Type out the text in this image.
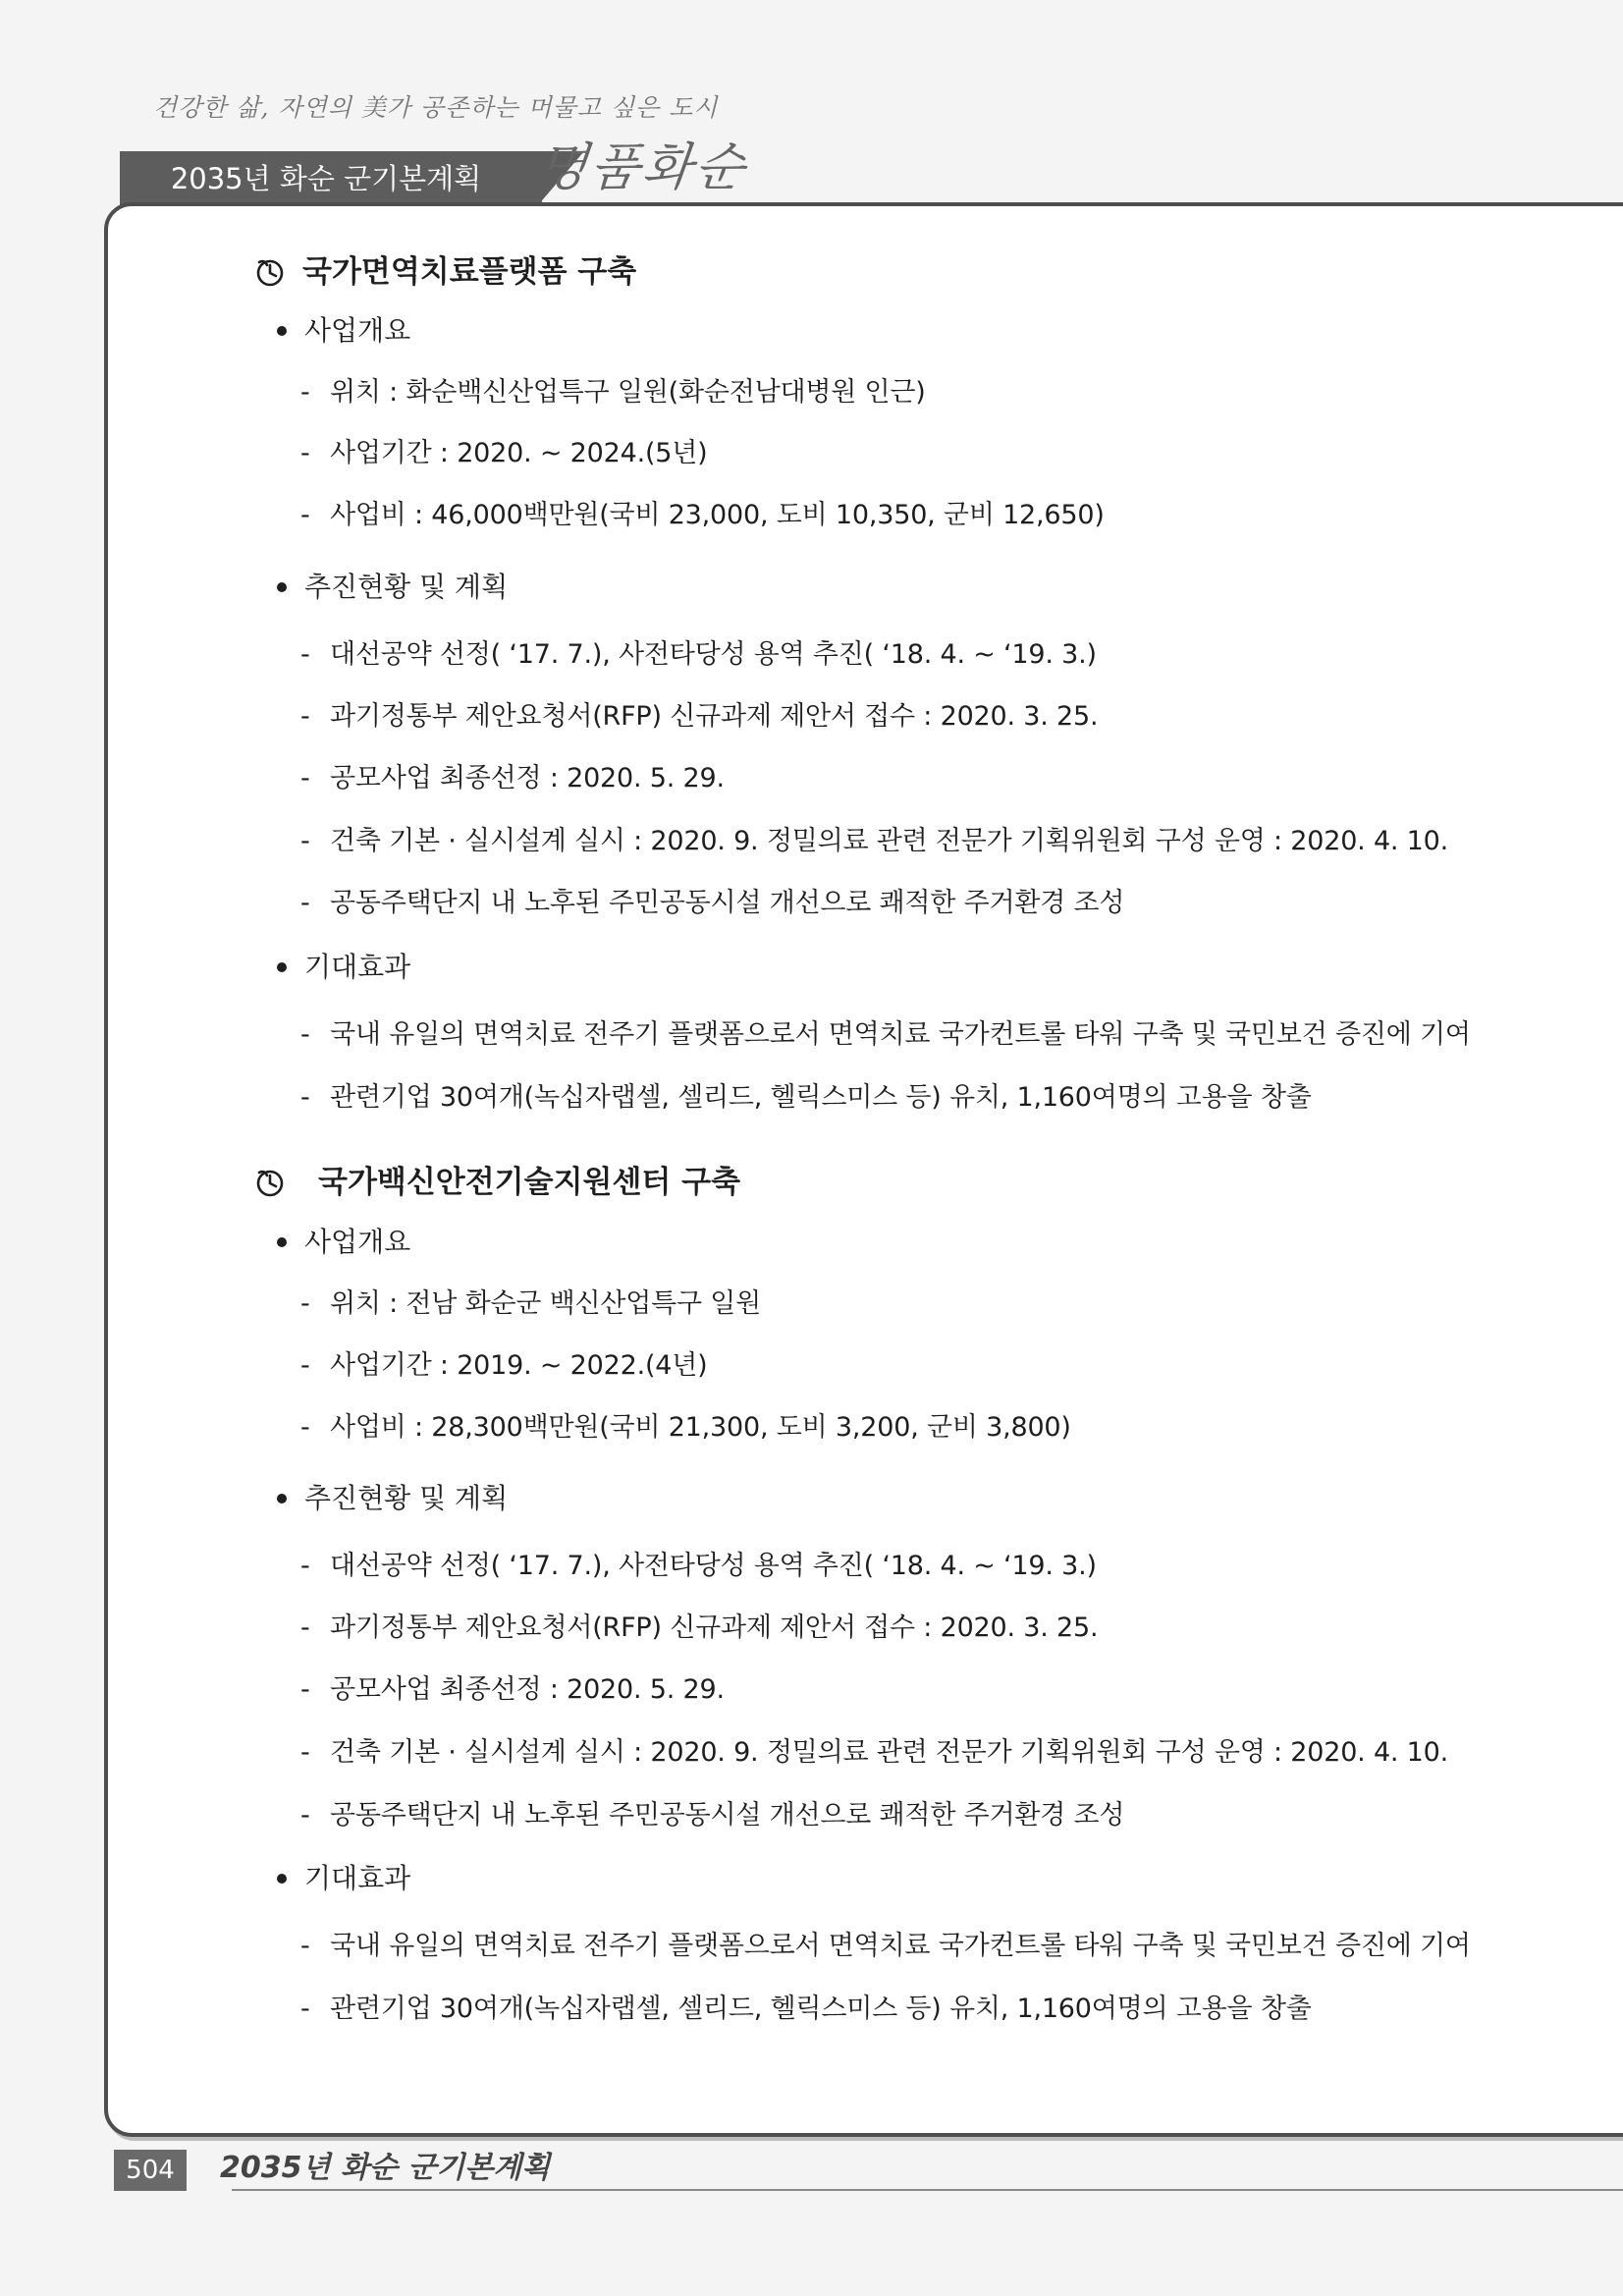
건강한 삶, 자연의 美가 공존하는 머물고 싶은 도시
2035년 화순 군기본계획	명품화순
국가면역치료플랫폼 구축
사업개요
- 위치 : 화순백신산업특구 일원(화순전남대병원 인근)
- 사업기간 : 2020. ~ 2024.(5년)
- 사업비 : 46,000백만원(국비 23,000, 도비 10,350, 군비 12,650)
추진현황 및 계획
- 대선공약 선정( ‘17. 7.), 사전타당성 용역 추진( ‘18. 4. ~ ‘19. 3.)
- 과기정통부 제안요청서(RFP) 신규과제 제안서 접수 : 2020. 3. 25.
- 공모사업 최종선정 : 2020. 5. 29.
- 건축 기본 · 실시설계 실시 : 2020. 9. 정밀의료 관련 전문가 기획위원회 구성 운영 : 2020. 4. 10.
- 공동주택단지 내 노후된 주민공동시설 개선으로 쾌적한 주거환경 조성
기대효과
- 국내 유일의 면역치료 전주기 플랫폼으로서 면역치료 국가컨트롤 타워 구축 및 국민보건 증진에 기여
- 관련기업 30여개(녹십자랩셀, 셀리드, 헬릭스미스 등) 유치, 1,160여명의 고용을 창출
국가백신안전기술지원센터 구축
사업개요
- 위치 : 전남 화순군 백신산업특구 일원
- 사업기간 : 2019. ~ 2022.(4년)
- 사업비 : 28,300백만원(국비 21,300, 도비 3,200, 군비 3,800)
추진현황 및 계획
- 대선공약 선정( ‘17. 7.), 사전타당성 용역 추진( ‘18. 4. ~ ‘19. 3.)
- 과기정통부 제안요청서(RFP) 신규과제 제안서 접수 : 2020. 3. 25.
- 공모사업 최종선정 : 2020. 5. 29.
- 건축 기본 · 실시설계 실시 : 2020. 9. 정밀의료 관련 전문가 기획위원회 구성 운영 : 2020. 4. 10.
- 공동주택단지 내 노후된 주민공동시설 개선으로 쾌적한 주거환경 조성
기대효과
- 국내 유일의 면역치료 전주기 플랫폼으로서 면역치료 국가컨트롤 타워 구축 및 국민보건 증진에 기여
- 관련기업 30여개(녹십자랩셀, 셀리드, 헬릭스미스 등) 유치, 1,160여명의 고용을 창출
504	2035년 화순 군기본계획
